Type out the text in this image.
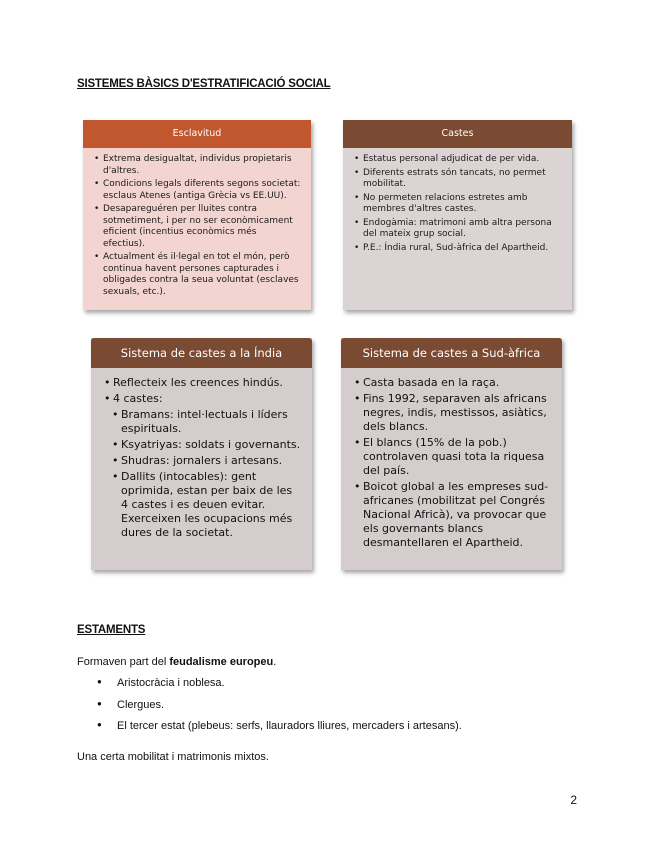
SISTEMES BÀSICS D'ESTRATIFICACIÓ SOCIAL
Esclavitud
• Extrema desigualtat, individus propietaris d'altres.
• Condicions legals diferents segons societat: esclaus Atenes (antiga Grècia vs EE.UU).
• Desapareguéren per lluites contra sotmetiment, i per no ser econòmicament eficient (incentius econòmics més efectius).
• Actualment és il·legal en tot el món, però continua havent persones capturades i obligades contra la seua voluntat (esclaves sexuals, etc.).
Castes
• Estatus personal adjudicat de per vida.
• Diferents estrats són tancats, no permet mobilitat.
• No permeten relacions estretes amb membres d'altres castes.
• Endogàmia: matrimoni amb altra persona del mateix grup social.
• P.E.: Índia rural, Sud-àfrica del Apartheid.
Sistema de castes a la Índia
• Reflecteix les creences hindús.
• 4 castes:
• Bramans: intel·lectuals i líders espirituals.
• Ksyatriyas: soldats i governants.
• Shudras: jornalers i artesans.
• Dallits (intocables): gent oprimida, estan per baix de les 4 castes i es deuen evitar. Exerceixen les ocupacions més dures de la societat.
Sistema de castes a Sud-àfrica
• Casta basada en la raça.
• Fins 1992, separaven als africans negres, indis, mestissos, asiàtics, dels blancs.
• El blancs (15% de la pob.) controlaven quasi tota la riquesa del país.
• Boicot global a les empreses sud-africanes (mobilitzat pel Congrés Nacional Africà), va provocar que els governants blancs desmantellaren el Apartheid.
ESTAMENTS
Formaven part del feudalisme europeu.
● Aristocràcia i noblesa.
● Clergues.
● El tercer estat (plebeus: serfs, llauradors lliures, mercaders i artesans).
Una certa mobilitat i matrimonis mixtos.
2
